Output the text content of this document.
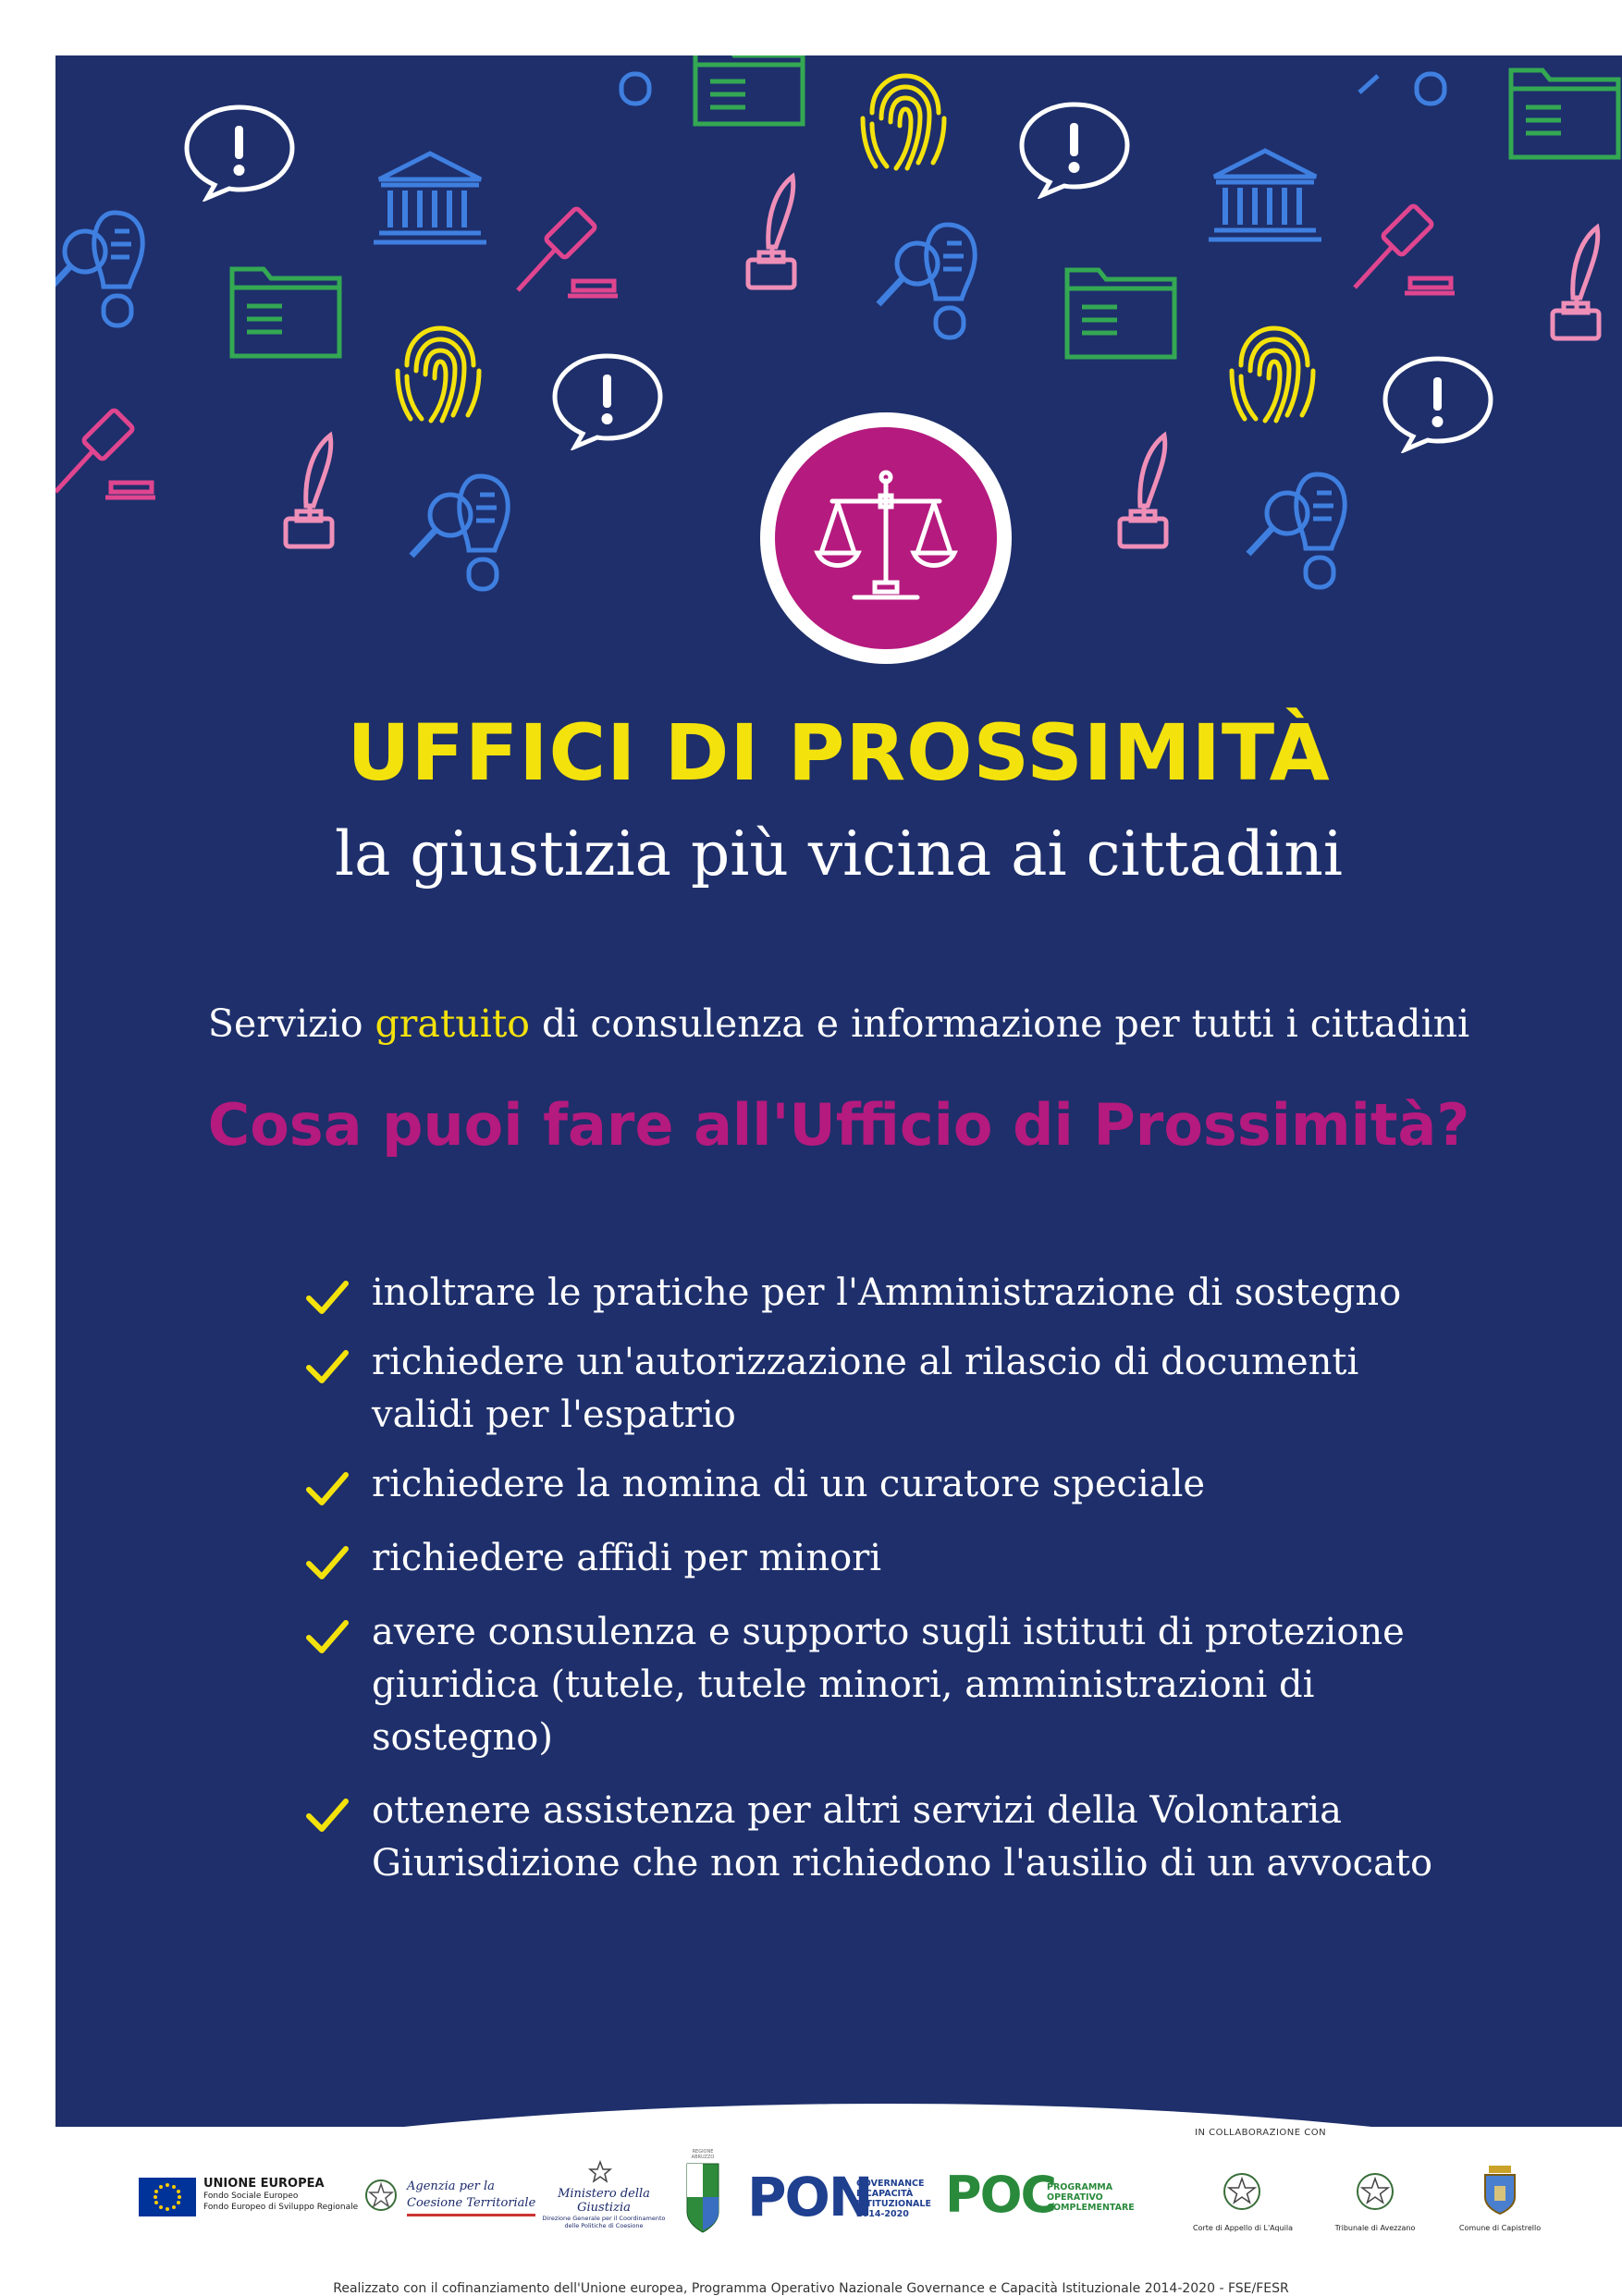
UFFICI DI PROSSIMITÀ

la giustizia più vicina ai cittadini

Servizio gratuito di consulenza e informazione per tutti i cittadini

Cosa puoi fare all'Ufficio di Prossimità?
inoltrare le pratiche per l'Amministrazione di sostegno
richiedere un'autorizzazione al rilascio di documenti validi per l'espatrio
richiedere la nomina di un curatore speciale
richiedere affidi per minori
avere consulenza e supporto sugli istituti di protezione giuridica (tutele, tutele minori, amministrazioni di sostegno)
ottenere assistenza per altri servizi della Volontaria Giurisdizione che non richiedono l'ausilio di un avvocato
IN COLLABORAZIONE CON
UNIONE EUROPEA
Fondo Sociale Europeo
Fondo Europeo di Sviluppo Regionale
Agenzia per la
Coesione Territoriale
Ministero della Giustizia
Direzione Generale per il Coordinamento
delle Politiche di Coesione
REGIONE ABRUZZO
PON
GOVERNANCE
E CAPACITÀ
ISTITUZIONALE
2014-2020 POC
PROGRAMMA
OPERATIVO
COMPLEMENTARE
Corte di Appello di L'Aquila	Tribunale di Avezzano	Comune di Capistrello
Realizzato con il cofinanziamento dell'Unione europea, Programma Operativo Nazionale Governance e Capacità Istituzionale 2014-2020 - FSE/FESR
